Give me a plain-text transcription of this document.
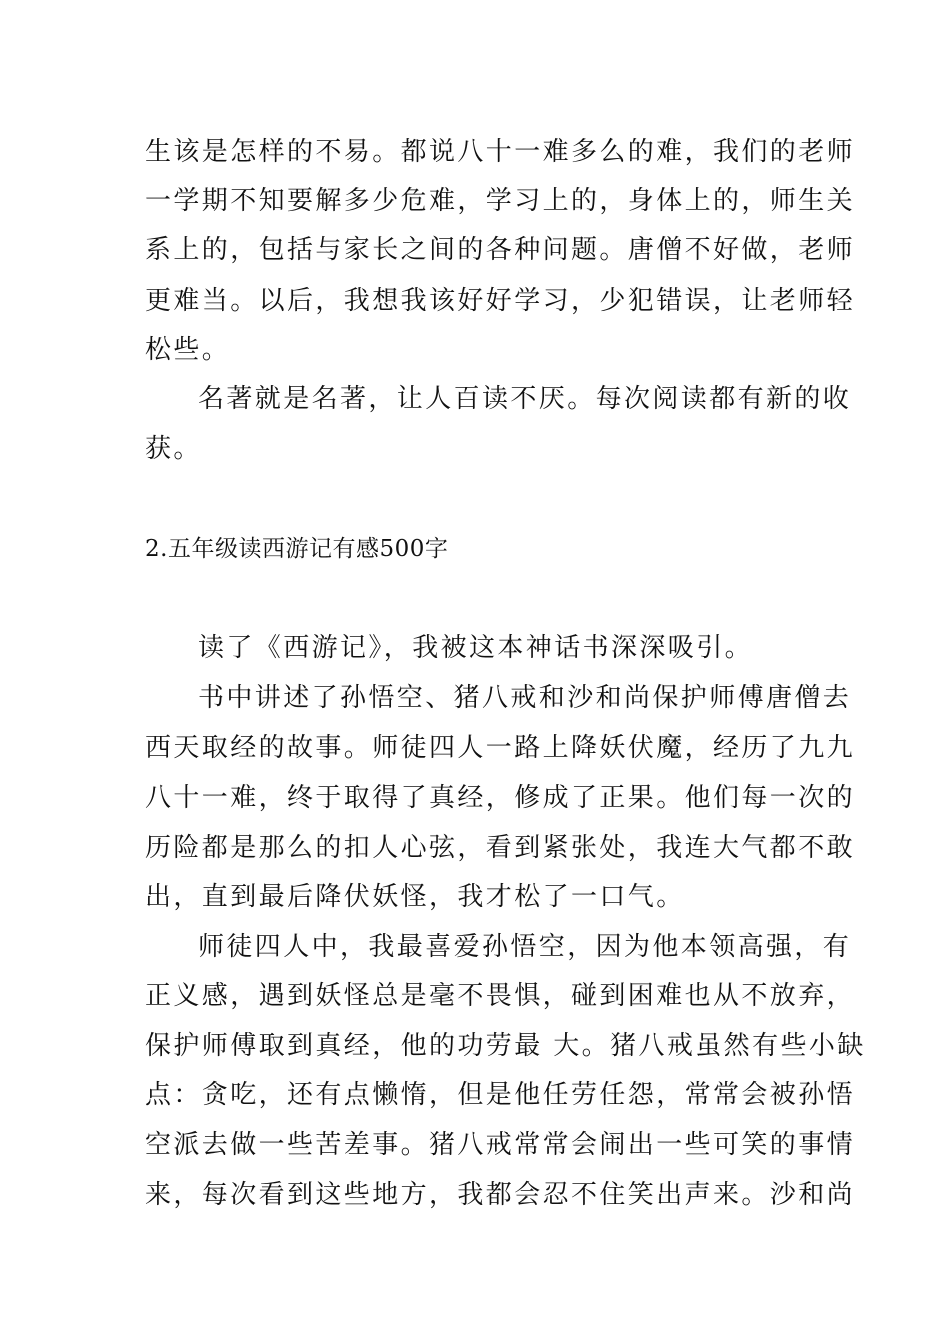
生该是怎样的不易。都说八十一难多么的难，我们的老师
一学期不知要解多少危难，学习上的，身体上的，师生关
系上的，包括与家长之间的各种问题。唐僧不好做，老师
更难当。以后，我想我该好好学习，少犯错误，让老师轻
松些。
名著就是名著，让人百读不厌。每次阅读都有新的收
获。
2.五年级读西游记有感500字
读了《西游记》，我被这本神话书深深吸引。
书中讲述了孙悟空、猪八戒和沙和尚保护师傅唐僧去
西天取经的故事。师徒四人一路上降妖伏魔，经历了九九
八十一难，终于取得了真经，修成了正果。他们每一次的
历险都是那么的扣人心弦，看到紧张处，我连大气都不敢
出，直到最后降伏妖怪，我才松了一口气。
师徒四人中，我最喜爱孙悟空，因为他本领高强，有
正义感，遇到妖怪总是毫不畏惧，碰到困难也从不放弃，
保护师傅取到真经，他的功劳最 大。猪八戒虽然有些小缺
点：贪吃，还有点懒惰，但是他任劳任怨，常常会被孙悟
空派去做一些苦差事。猪八戒常常会闹出一些可笑的事情
来，每次看到这些地方，我都会忍不住笑出声来。沙和尚
